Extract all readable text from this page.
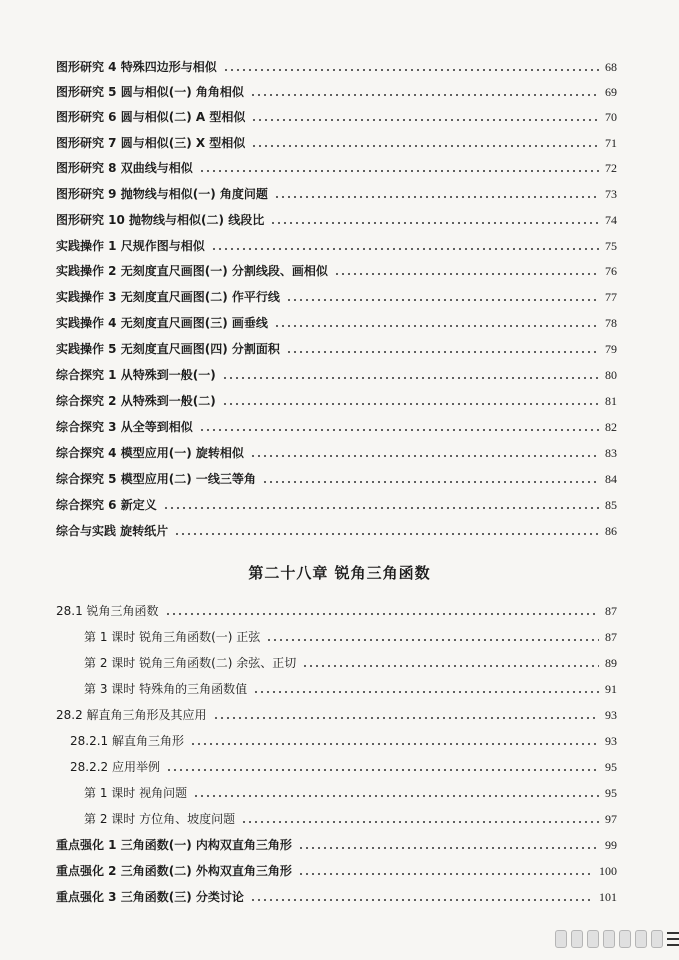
图形研究 4 特殊四边形与相似	68
图形研究 5 圆与相似(一) 角角相似	69
图形研究 6 圆与相似(二) A 型相似	70
图形研究 7 圆与相似(三) X 型相似	71
图形研究 8 双曲线与相似	72
图形研究 9 抛物线与相似(一) 角度问题	73
图形研究 10 抛物线与相似(二) 线段比	74
实践操作 1 尺规作图与相似	75
实践操作 2 无刻度直尺画图(一) 分割线段、画相似	76
实践操作 3 无刻度直尺画图(二) 作平行线	77
实践操作 4 无刻度直尺画图(三) 画垂线	78
实践操作 5 无刻度直尺画图(四) 分割面积	79
综合探究 1 从特殊到一般(一)	80
综合探究 2 从特殊到一般(二)	81
综合探究 3 从全等到相似	82
综合探究 4 模型应用(一) 旋转相似	83
综合探究 5 模型应用(二) 一线三等角	84
综合探究 6 新定义	85
综合与实践 旋转纸片	86
第二十八章 锐角三角函数
28.1 锐角三角函数	87
第 1 课时 锐角三角函数(一) 正弦	87
第 2 课时 锐角三角函数(二) 余弦、正切	89
第 3 课时 特殊角的三角函数值	91
28.2 解直角三角形及其应用	93
28.2.1 解直角三角形	93
28.2.2 应用举例	95
第 1 课时 视角问题	95
第 2 课时 方位角、坡度问题	97
重点强化 1 三角函数(一) 内构双直角三角形	99
重点强化 2 三角函数(二) 外构双直角三角形	100
重点强化 3 三角函数(三) 分类讨论	101
